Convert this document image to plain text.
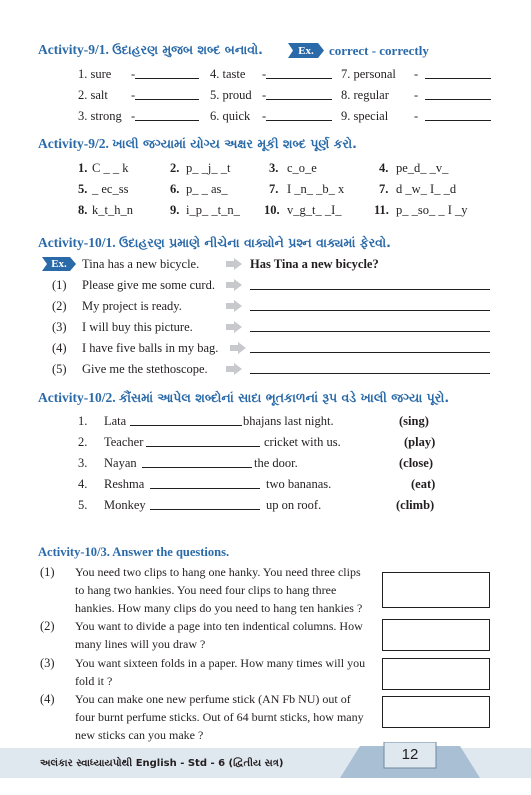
Activity-9/1. ઉદાહરણ મુજબ શબ્દ બનાવો.	Ex. correct - correctly
1. sure -	4. taste -	7. personal -
2. salt -	5. proud -	8. regular -
3. strong -	6. quick -	9. special -
Activity-9/2. ખાલી જગ્યામાં યોગ્ય અક્ષર મૂકી શબ્દ પૂર્ણ કરો.
1. C _ _ k	2. p_ _j_ _t	3. c_o_e	4. pe_d_ _v_
5. _ ec_ss	6. p_ _ as_	7. I _n_ _b_ x	7. d _w_ I_ _d
8. k_t_h_n	9. i_p_ _t_n_ 10. v_g_t_ _I_	11. p_ _so_ _ I _y
Activity-10/1. ઉદાહરણ પ્રમાણે નીચેના વાક્યોને પ્રશ્ન વાક્યમાં ફેરવો.
Ex. Tina has a new bicycle.	Has Tina a new bicycle?
(1) Please give me some curd.
(2) My project is ready.
(3) I will buy this picture.
(4) I have five balls in my bag.
(5) Give me the stethoscope.
Activity-10/2. કૌંસમાં આપેલ શબ્દોનાં સાદા ભૂતકાળનાં રૂપ વડે ખાલી જગ્યા પૂરો.
1. Lata	bhajans last night.	(sing)
2. Teacher	cricket with us.	(play)
3. Nayan	the door.	(close)
4. Reshma	two bananas.	(eat)
5. Monkey	up on roof.	(climb)
Activity-10/3. Answer the questions.
(1) You need two clips to hang one hanky. You need three clips
to hang two hankies. You need four clips to hang three
hankies. How many clips do you need to hang ten hankies ?
(2) You want to divide a page into ten indentical columns. How
many lines will you draw ?
(3) You want sixteen folds in a paper. How many times will you
fold it ?
(4) You can make one new perfume stick (AN Fb NU) out of
four burnt perfume sticks. Out of 64 burnt sticks, how many
new sticks can you make ?
અલંકાર સ્વાધ્યાયપોથી English - Std - 6 (દ્વિતીય સત્ર)
12
